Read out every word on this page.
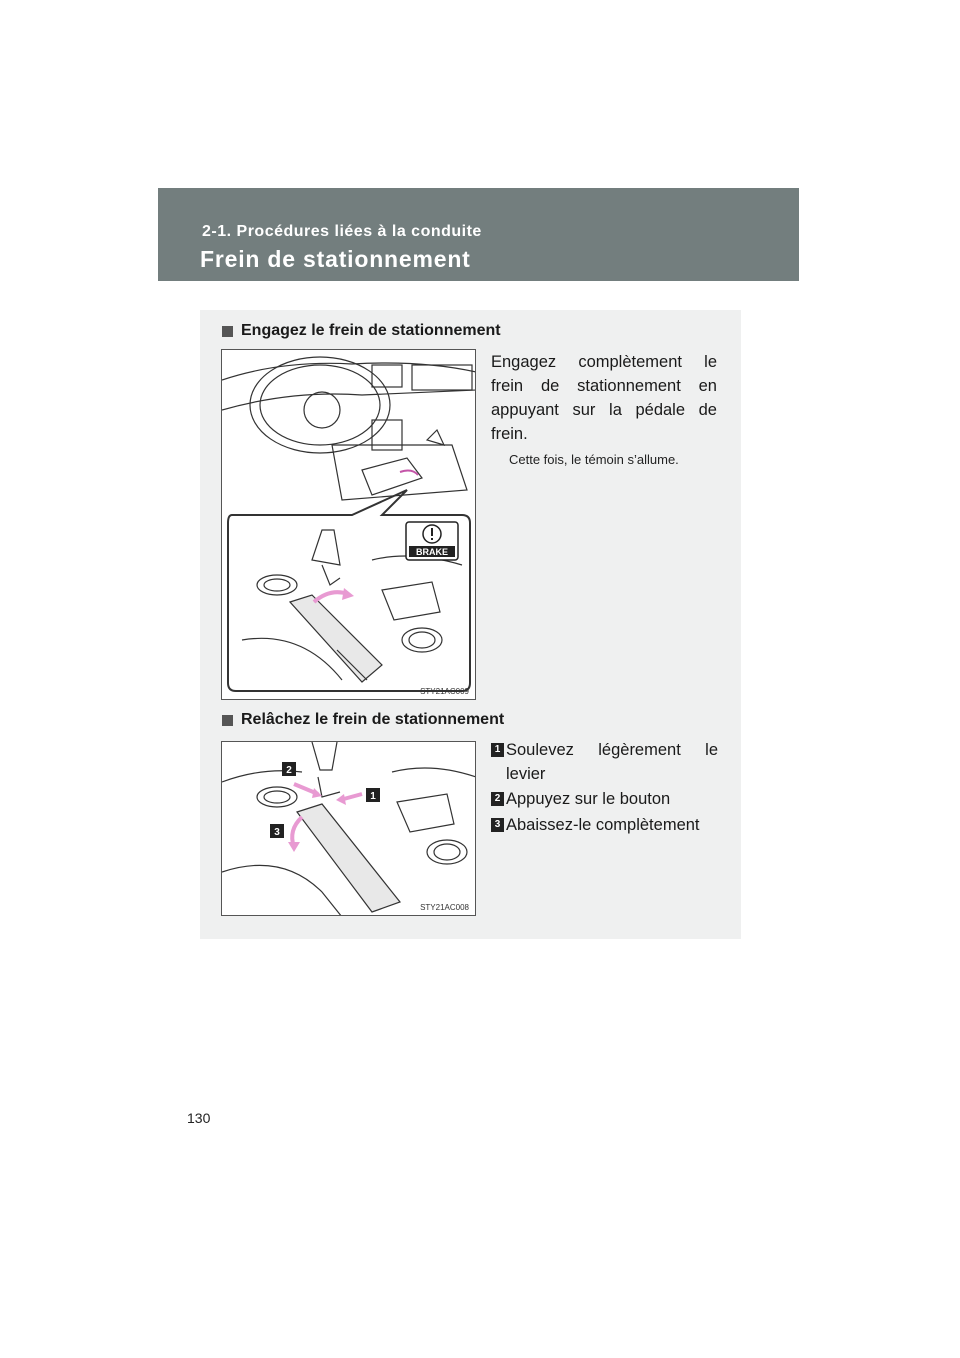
2-1. Procédures liées à la conduite
Frein de stationnement
Engagez le frein de stationnement
BRAKE
STY21AC009
Engagez complètement le frein de stationnement en appuyant sur la pédale de frein.
Cette fois, le témoin s’allume.
Relâchez le frein de stationnement
2
1
3
STY21AC008
1 Soulevez légèrement le levier
2 Appuyez sur le bouton
3 Abaissez-le complètement
130
